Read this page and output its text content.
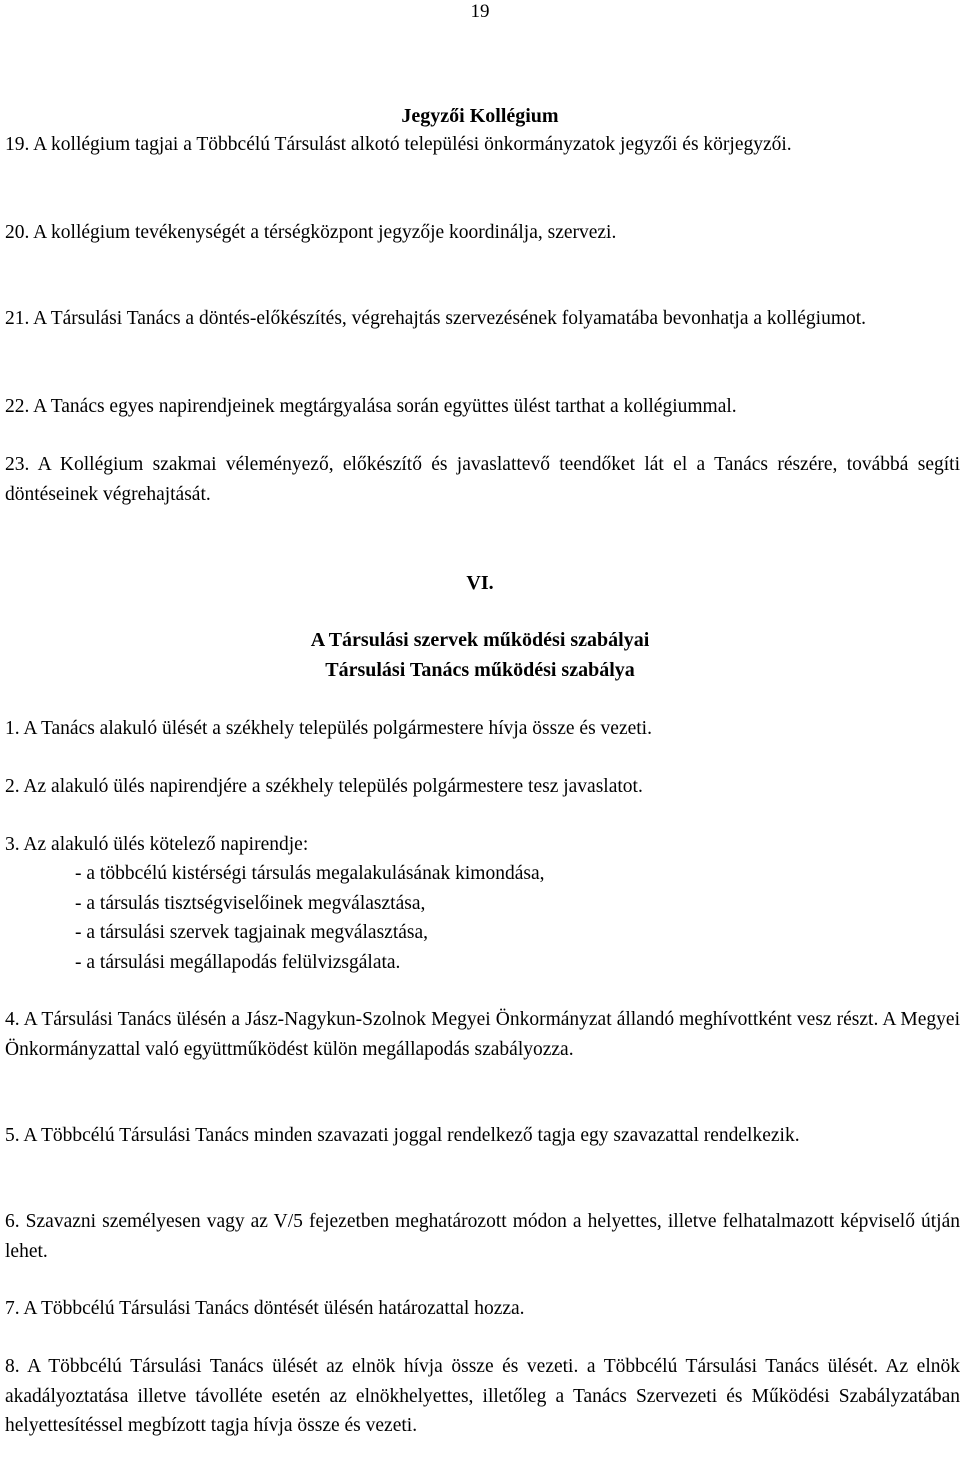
19
Jegyzői Kollégium

19. A kollégium tagjai a Többcélú Társulást alkotó települési önkormányzatok jegyzői és körjegyzői.

20. A kollégium tevékenységét a térségközpont jegyzője koordinálja, szervezi.

21. A Társulási Tanács a döntés-előkészítés, végrehajtás szervezésének folyamatába bevonhatja a kollégiumot.

22. A Tanács egyes napirendjeinek megtárgyalása során együttes ülést tarthat a kollégiummal.

23. A Kollégium szakmai véleményező, előkészítő és javaslattevő teendőket lát el a Tanács részére, továbbá segíti döntéseinek végrehajtását.

VI.
A Társulási szervek működési szabályai
Társulási Tanács működési szabálya

1. A Tanács alakuló ülését a székhely település polgármestere hívja össze és vezeti.

2. Az alakuló ülés napirendjére a székhely település polgármestere tesz javaslatot.

3. Az alakuló ülés kötelező napirendje:

- a többcélú kistérségi társulás megalakulásának kimondása,
- a társulás tisztségviselőinek megválasztása,
- a társulási szervek tagjainak megválasztása,
- a társulási megállapodás felülvizsgálata.

4. A Társulási Tanács ülésén a Jász-Nagykun-Szolnok Megyei Önkormányzat állandó meghívottként vesz részt. A Megyei Önkormányzattal való együttműködést külön megállapodás szabályozza.

5. A Többcélú Társulási Tanács minden szavazati joggal rendelkező tagja egy szavazattal rendelkezik.

6. Szavazni személyesen vagy az V/5 fejezetben meghatározott módon a helyettes, illetve felhatalmazott képviselő útján lehet.

7. A Többcélú Társulási Tanács döntését ülésén határozattal hozza.

8. A Többcélú Társulási Tanács ülését az elnök hívja össze és vezeti. a Többcélú Társulási Tanács ülését. Az elnök akadályoztatása illetve távolléte esetén az elnökhelyettes, illetőleg a Tanács Szervezeti és Működési Szabályzatában helyettesítéssel megbízott tagja hívja össze és vezeti.
